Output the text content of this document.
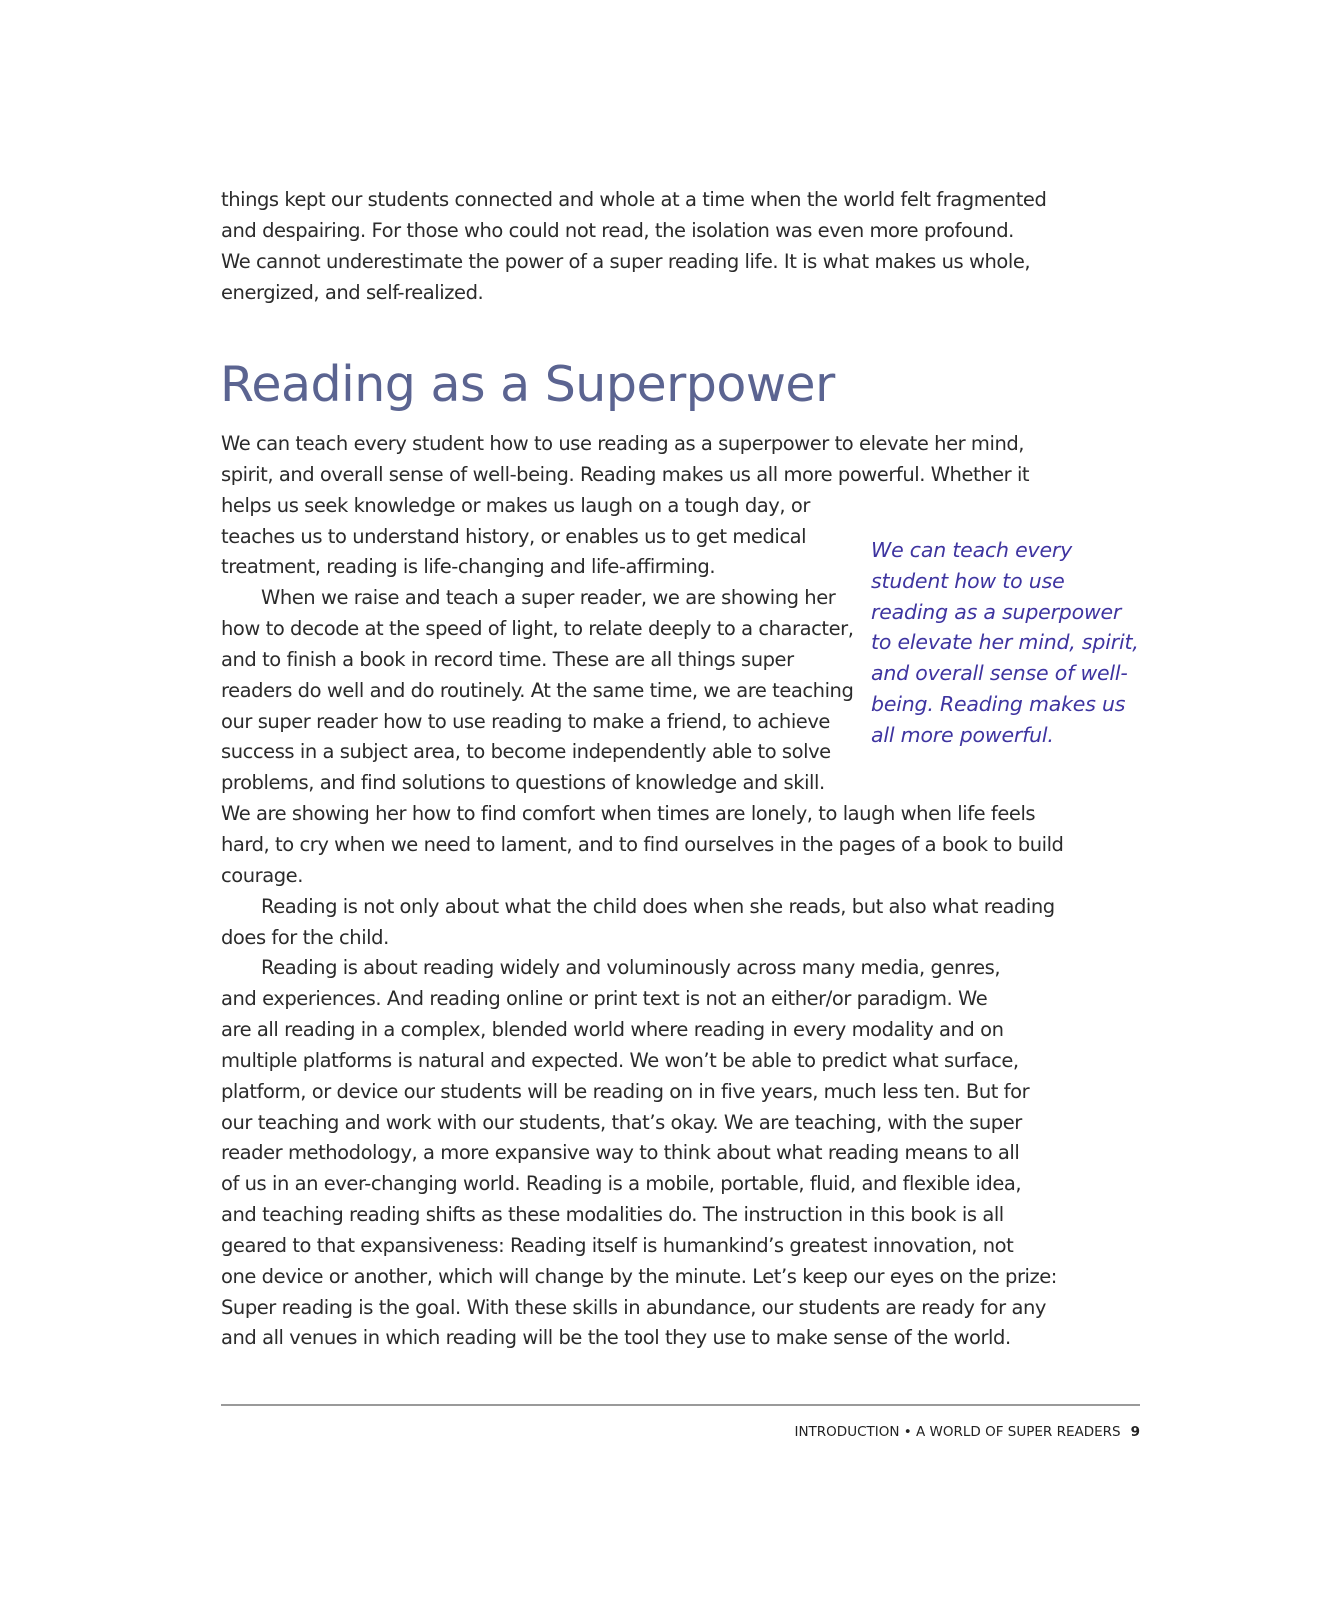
things kept our students connected and whole at a time when the world felt fragmented
and despairing. For those who could not read, the isolation was even more profound.
We cannot underestimate the power of a super reading life. It is what makes us whole,
energized, and self-realized.
Reading as a Superpower
We can teach every student how to use reading as a superpower to elevate her mind,
spirit, and overall sense of well-being. Reading makes us all more powerful. Whether it
helps us seek knowledge or makes us laugh on a tough day, or
teaches us to understand history, or enables us to get medical
treatment, reading is life-changing and life-affirming.
When we raise and teach a super reader, we are showing her
how to decode at the speed of light, to relate deeply to a character,
and to finish a book in record time. These are all things super
readers do well and do routinely. At the same time, we are teaching
our super reader how to use reading to make a friend, to achieve
success in a subject area, to become independently able to solve
problems, and find solutions to questions of knowledge and skill.
We are showing her how to find comfort when times are lonely, to laugh when life feels
hard, to cry when we need to lament, and to find ourselves in the pages of a book to build
courage.
Reading is not only about what the child does when she reads, but also what reading
does for the child.
Reading is about reading widely and voluminously across many media, genres,
and experiences. And reading online or print text is not an either/or paradigm. We
are all reading in a complex, blended world where reading in every modality and on
multiple platforms is natural and expected. We won’t be able to predict what surface,
platform, or device our students will be reading on in five years, much less ten. But for
our teaching and work with our students, that’s okay. We are teaching, with the super
reader methodology, a more expansive way to think about what reading means to all
of us in an ever-changing world. Reading is a mobile, portable, fluid, and flexible idea,
and teaching reading shifts as these modalities do. The instruction in this book is all
geared to that expansiveness: Reading itself is humankind’s greatest innovation, not
one device or another, which will change by the minute. Let’s keep our eyes on the prize:
Super reading is the goal. With these skills in abundance, our students are ready for any
and all venues in which reading will be the tool they use to make sense of the world.
We can teach every
student how to use
reading as a superpower
to elevate her mind, spirit,
and overall sense of well-
being. Reading makes us
all more powerful.
INTRODUCTION • A WORLD OF SUPER READERS 9
